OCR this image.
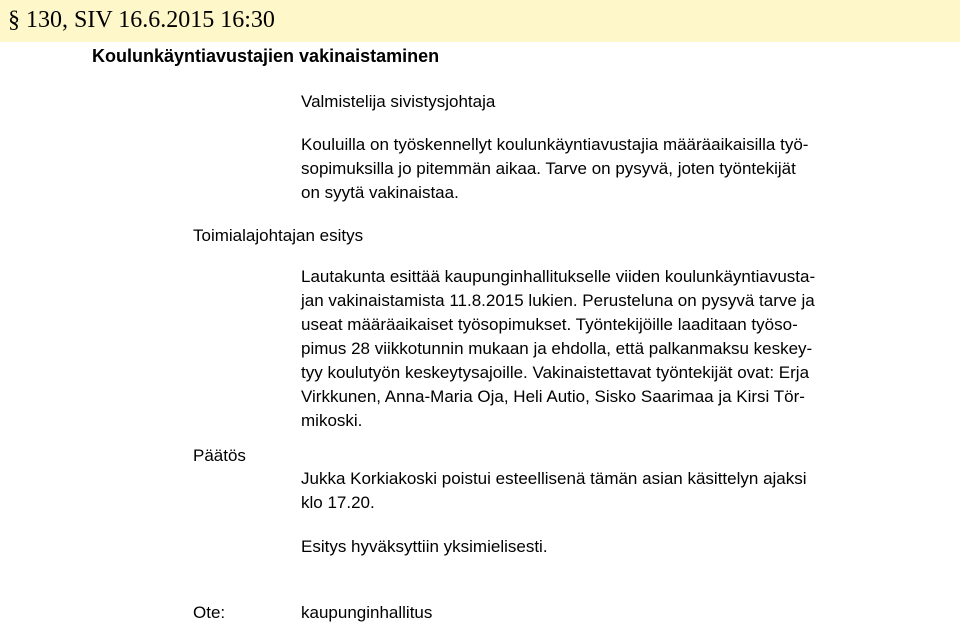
§ 130, SIV 16.6.2015 16:30
Koulunkäyntiavustajien vakinaistaminen
Valmistelija sivistysjohtaja
Kouluilla on työskennellyt koulunkäyntiavustajia määräaikaisilla työ-
sopimuksilla jo pitemmän aikaa. Tarve on pysyvä, joten työntekijät
on syytä vakinaistaa.
Toimialajohtajan esitys
Lautakunta esittää kaupunginhallitukselle viiden koulunkäyntiavusta-
jan vakinaistamista 11.8.2015 lukien. Perusteluna on pysyvä tarve ja
useat määräaikaiset työsopimukset. Työntekijöille laaditaan työso-
pimus 28 viikkotunnin mukaan ja ehdolla, että palkanmaksu keskey-
tyy koulutyön keskeytysajoille. Vakinaistettavat työntekijät ovat: Erja
Virkkunen, Anna-Maria Oja, Heli Autio, Sisko Saarimaa ja Kirsi Tör-
mikoski.
Päätös
Jukka Korkiakoski poistui esteellisenä tämän asian käsittelyn ajaksi
klo 17.20.
Esitys hyväksyttiin yksimielisesti.
Ote:	kaupunginhallitus
